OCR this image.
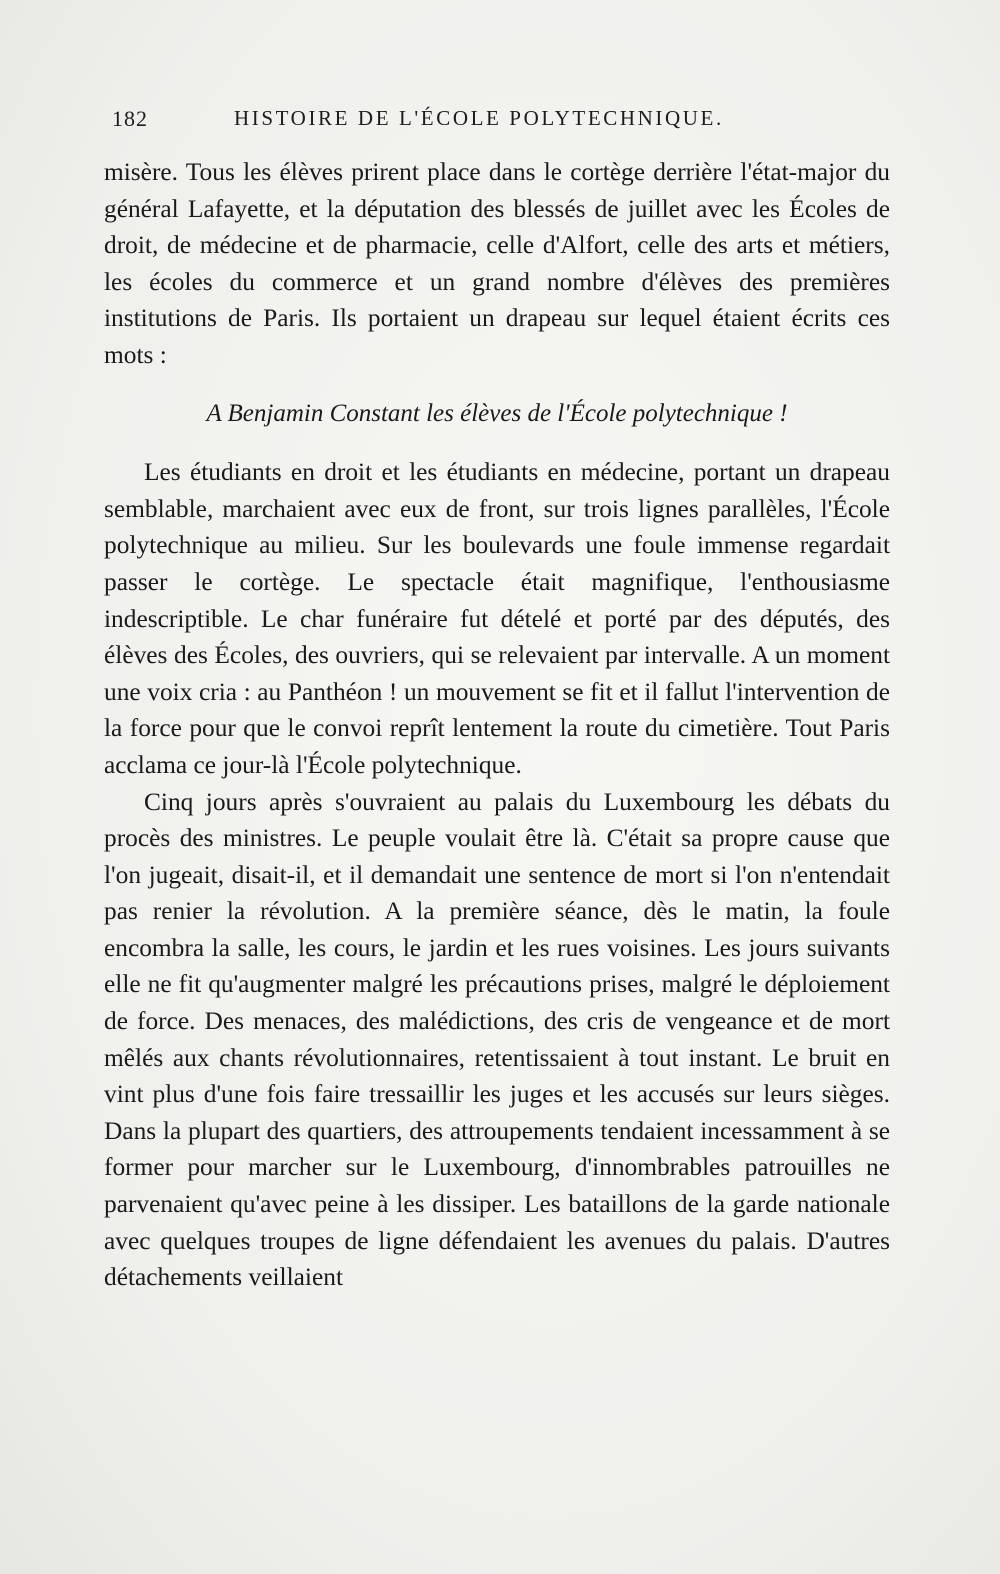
182	HISTOIRE DE L'ÉCOLE POLYTECHNIQUE.

misère. Tous les élèves prirent place dans le cortège derrière l'état-major du général Lafayette, et la députation des blessés de juillet avec les Écoles de droit, de médecine et de pharmacie, celle d'Alfort, celle des arts et métiers, les écoles du commerce et un grand nombre d'élèves des premières institutions de Paris. Ils portaient un drapeau sur lequel étaient écrits ces mots :

A Benjamin Constant les élèves de l'École polytechnique !

Les étudiants en droit et les étudiants en médecine, portant un drapeau semblable, marchaient avec eux de front, sur trois lignes parallèles, l'École polytechnique au milieu. Sur les boulevards une foule immense regardait passer le cortège. Le spectacle était magnifique, l'enthousiasme indescriptible. Le char funéraire fut dételé et porté par des députés, des élèves des Écoles, des ouvriers, qui se relevaient par intervalle. A un moment une voix cria : au Panthéon ! un mouvement se fit et il fallut l'intervention de la force pour que le convoi reprît lentement la route du cimetière. Tout Paris acclama ce jour-là l'École polytechnique.

Cinq jours après s'ouvraient au palais du Luxembourg les débats du procès des ministres. Le peuple voulait être là. C'était sa propre cause que l'on jugeait, disait-il, et il demandait une sentence de mort si l'on n'entendait pas renier la révolution. A la première séance, dès le matin, la foule encombra la salle, les cours, le jardin et les rues voisines. Les jours suivants elle ne fit qu'augmenter malgré les précautions prises, malgré le déploiement de force. Des menaces, des malédictions, des cris de vengeance et de mort mêlés aux chants révolutionnaires, retentissaient à tout instant. Le bruit en vint plus d'une fois faire tressaillir les juges et les accusés sur leurs sièges. Dans la plupart des quartiers, des attroupements tendaient incessamment à se former pour marcher sur le Luxembourg, d'innombrables patrouilles ne parvenaient qu'avec peine à les dissiper. Les bataillons de la garde nationale avec quelques troupes de ligne défendaient les avenues du palais. D'autres détachements veillaient
